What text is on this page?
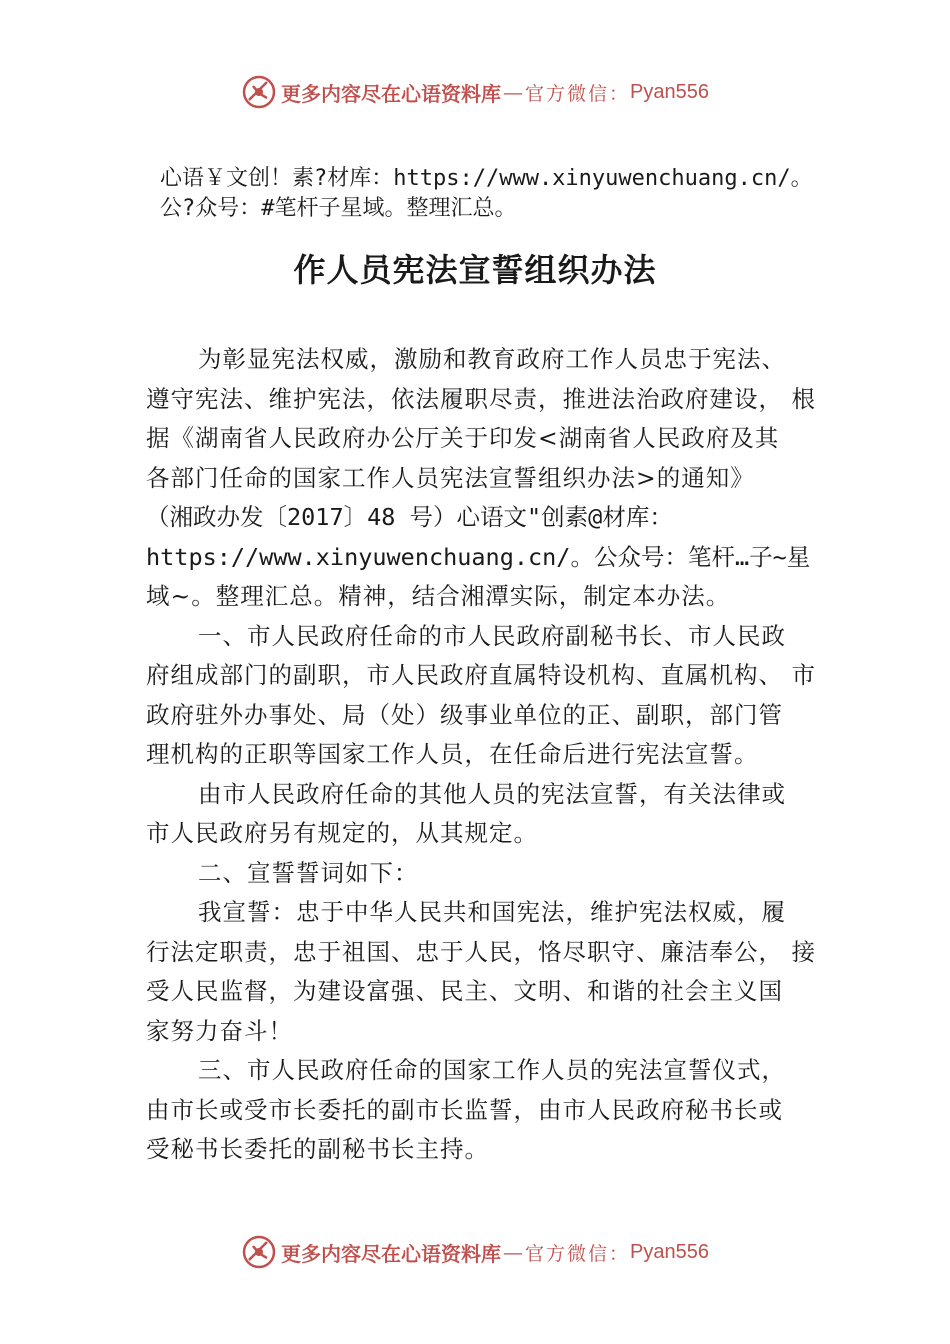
更多内容尽在心语资料库 — 官方微信： Pyan556
心语￥文创！素?材库：https://www.xinyuwenchuang.cn/。
公?众号：#笔杆子星域。整理汇总。
作人员宪法宣誓组织办法

为彰显宪法权威，激励和教育政府工作人员忠于宪法、

遵守宪法、维护宪法，依法履职尽责，推进法治政府建设， 根

据《湖南省人民政府办公厅关于印发<湖南省人民政府及其

各部门任命的国家工作人员宪法宣誓组织办法>的通知》

（湘政办发〔2017〕48 号）心语文"创素@材库：

https://www.xinyuwenchuang.cn/。公众号：笔杆…子~星

域~。整理汇总。精神，结合湘潭实际，制定本办法。

一、市人民政府任命的市人民政府副秘书长、市人民政

府组成部门的副职，市人民政府直属特设机构、直属机构、 市

政府驻外办事处、局（处）级事业单位的正、副职，部门管

理机构的正职等国家工作人员，在任命后进行宪法宣誓。

由市人民政府任命的其他人员的宪法宣誓，有关法律或

市人民政府另有规定的，从其规定。

二、宣誓誓词如下：

我宣誓：忠于中华人民共和国宪法，维护宪法权威，履

行法定职责，忠于祖国、忠于人民，恪尽职守、廉洁奉公， 接

受人民监督，为建设富强、民主、文明、和谐的社会主义国

家努力奋斗！

三、市人民政府任命的国家工作人员的宪法宣誓仪式，

由市长或受市长委托的副市长监誓，由市人民政府秘书长或

受秘书长委托的副秘书长主持。

更多内容尽在心语资料库 — 官方微信： Pyan556
